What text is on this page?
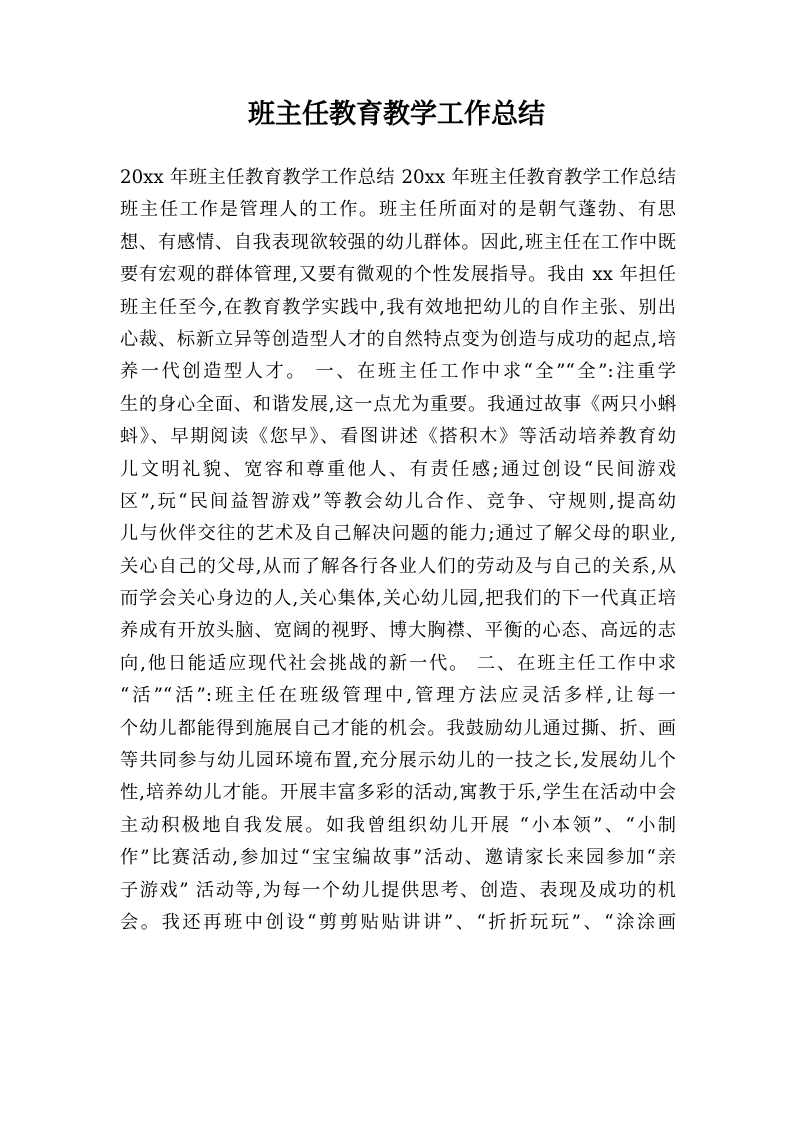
班主任教育教学工作总结
20xx 年班主任教育教学工作总结 20xx 年班主任教育教学工作总结
班主任工作是管理人的工作。班主任所面对的是朝气蓬勃、有思
想、有感情、自我表现欲较强的幼儿群体。因此,班主任在工作中既
要有宏观的群体管理,又要有微观的个性发展指导。我由 xx 年担任
班主任至今,在教育教学实践中,我有效地把幼儿的自作主张、别出
心裁、标新立异等创造型人才的自然特点变为创造与成功的起点,培
养一代创造型人才。 一、在班主任工作中求“全”“全”:注重学
生的身心全面、和谐发展,这一点尤为重要。我通过故事《两只小蝌
蚪》、早期阅读《您早》、看图讲述《搭积木》等活动培养教育幼
儿文明礼貌、宽容和尊重他人、有责任感;通过创设“民间游戏
区”,玩“民间益智游戏”等教会幼儿合作、竞争、守规则,提高幼
儿与伙伴交往的艺术及自己解决问题的能力;通过了解父母的职业,
关心自己的父母,从而了解各行各业人们的劳动及与自己的关系,从
而学会关心身边的人,关心集体,关心幼儿园,把我们的下一代真正培
养成有开放头脑、宽阔的视野、博大胸襟、平衡的心态、高远的志
向,他日能适应现代社会挑战的新一代。 二、在班主任工作中求
“活”“活”:班主任在班级管理中,管理方法应灵活多样,让每一
个幼儿都能得到施展自己才能的机会。我鼓励幼儿通过撕、折、画
等共同参与幼儿园环境布置,充分展示幼儿的一技之长,发展幼儿个
性,培养幼儿才能。开展丰富多彩的活动,寓教于乐,学生在活动中会
主动积极地自我发展。如我曾组织幼儿开展 “小本领”、“小制
作”比赛活动,参加过“宝宝编故事”活动、邀请家长来园参加“亲
子游戏” 活动等,为每一个幼儿提供思考、创造、表现及成功的机
会。我还再班中创设“剪剪贴贴讲讲”、“折折玩玩”、“涂涂画
